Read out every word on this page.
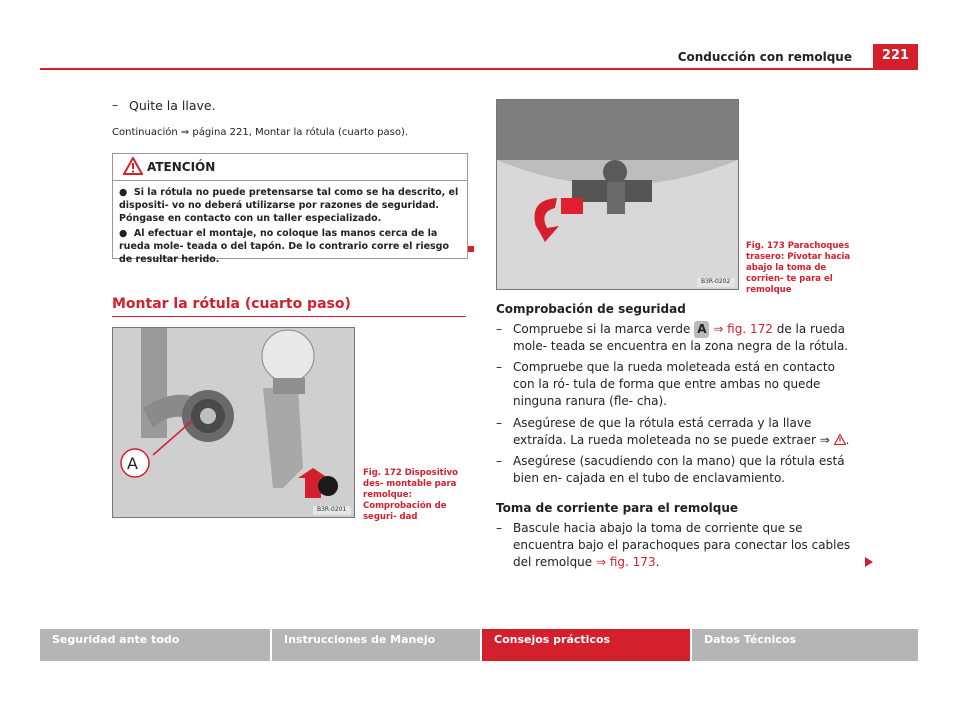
Conducción con remolque	221
– Quite la llave.
Continuación ⇒ página 221, Montar la rótula (cuarto paso).
ATENCIÓN

●  Si la rótula no puede pretensarse tal como se ha descrito, el dispositi- vo no deberá utilizarse por razones de seguridad. Póngase en contacto con un taller especializado.

●  Al efectuar el montaje, no coloque las manos cerca de la rueda mole- teada o del tapón. De lo contrario corre el riesgo de resultar herido.

Montar la rótula (cuarto paso)
A
B3R-0201
Fig. 172 Dispositivo des- montable para remolque: Comprobación de seguri- dad
B3R-0202
Fig. 173 Parachoques trasero: Pivotar hacia abajo la toma de corrien- te para el remolque
Comprobación de seguridad
– Compruebe si la marca verde A ⇒ fig. 172 de la rueda mole- teada se encuentra en la zona negra de la rótula.
– Compruebe que la rueda moleteada está en contacto con la ró- tula de forma que entre ambas no quede ninguna ranura (fle- cha).
– Asegúrese de que la rótula está cerrada y la llave extraída. La rueda moleteada no se puede extraer ⇒ .
– Asegúrese (sacudiendo con la mano) que la rótula está bien en- cajada en el tubo de enclavamiento.
Toma de corriente para el remolque
– Bascule hacia abajo la toma de corriente que se encuentra bajo el parachoques para conectar los cables del remolque ⇒ fig. 173.
Seguridad ante todo	Instrucciones de Manejo	Consejos prácticos	Datos Técnicos
